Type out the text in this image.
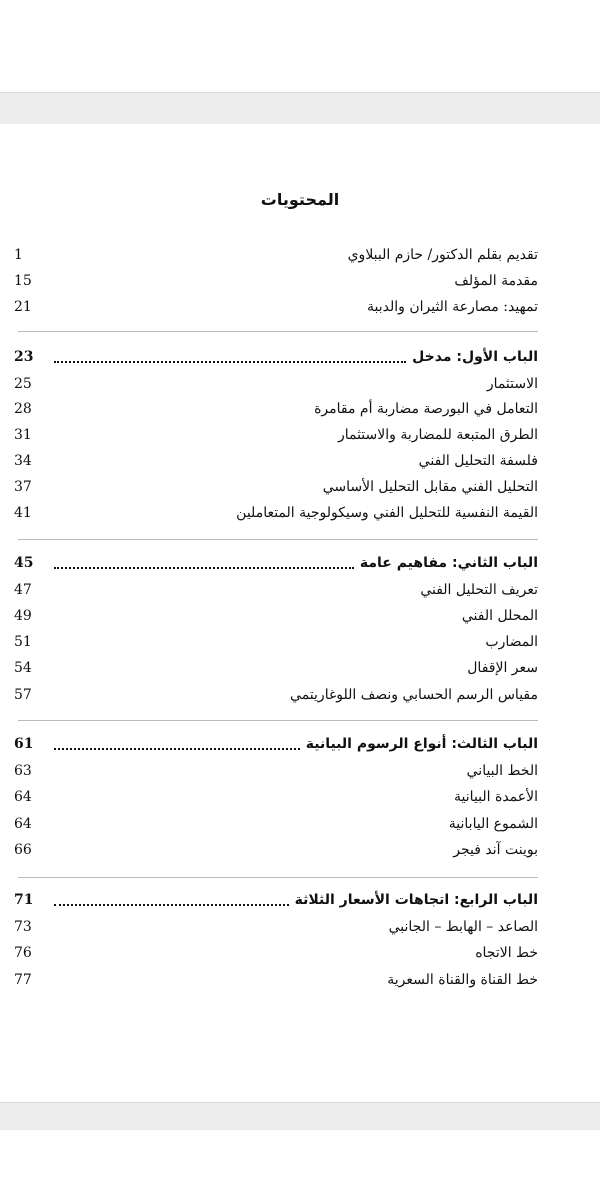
المحتويات
تقديم بقلم الدكتور/ حازم الببلاوي
1
مقدمة المؤلف
15
تمهيد: مصارعة الثيران والدببة
21
الباب الأول: مدخل
23
الاستثمار
25
التعامل في البورصة مضاربة أم مقامرة
28
الطرق المتبعة للمضاربة والاستثمار
31
فلسفة التحليل الفني
34
التحليل الفني مقابل التحليل الأساسي
37
القيمة النفسية للتحليل الفني وسيكولوجية المتعاملين
41
الباب الثاني: مفاهيم عامة
45
تعريف التحليل الفني
47
المحلل الفني
49
المضارب
51
سعر الإقفال
54
مقياس الرسم الحسابي ونصف اللوغاريتمي
57
الباب الثالث: أنواع الرسوم البيانية
61
الخط البياني
63
الأعمدة البيانية
64
الشموع اليابانية
64
بوينت آند فيجر
66
الباب الرابع: اتجاهات الأسعار الثلاثة
71
الصاعد – الهابط – الجانبي
73
خط الاتجاه
76
خط القناة والقناة السعرية
77
